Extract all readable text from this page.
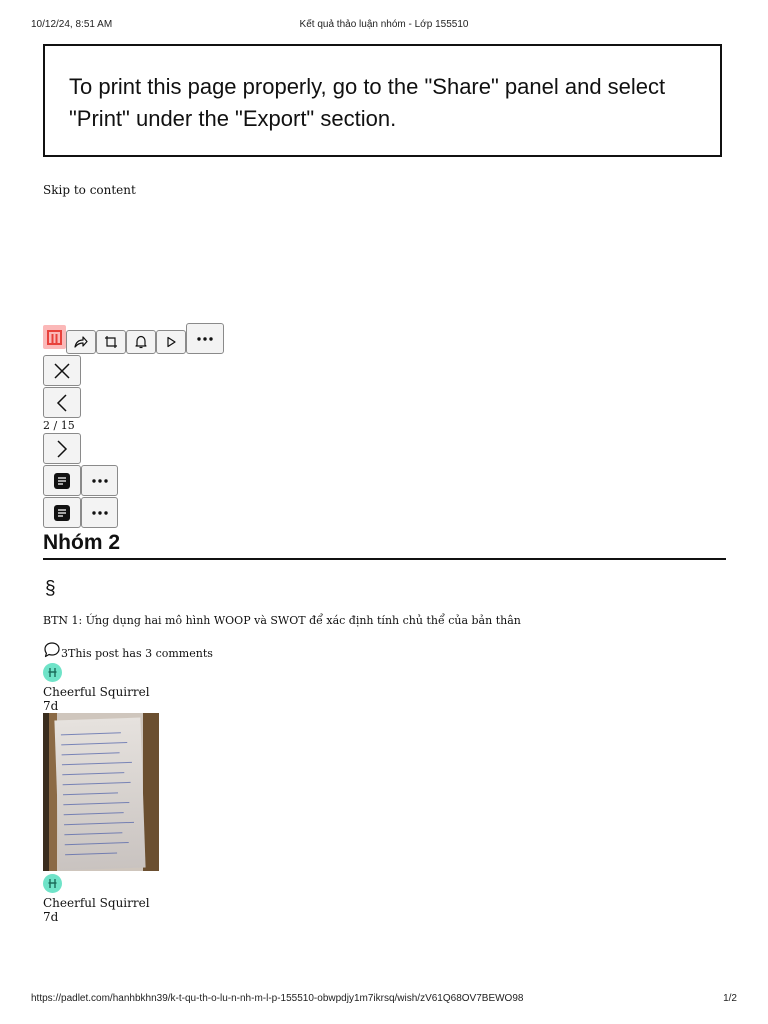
10/12/24, 8:51 AM	Kết quả thảo luận nhóm - Lớp 155510
To print this page properly, go to the "Share" panel and select "Print" under the "Export" section.
Skip to content
2 / 15
Nhóm 2
§
BTN 1: Ứng dụng hai mô hình WOOP và SWOT để xác định tính chủ thể của bản thân
3 This post has 3 comments
Cheerful Squirrel
7d
Cheerful Squirrel
7d
https://padlet.com/hanhbkhn39/k-t-qu-th-o-lu-n-nh-m-l-p-155510-obwpdjy1m7ikrsq/wish/zV61Q68OV7BEWO98	1/2
